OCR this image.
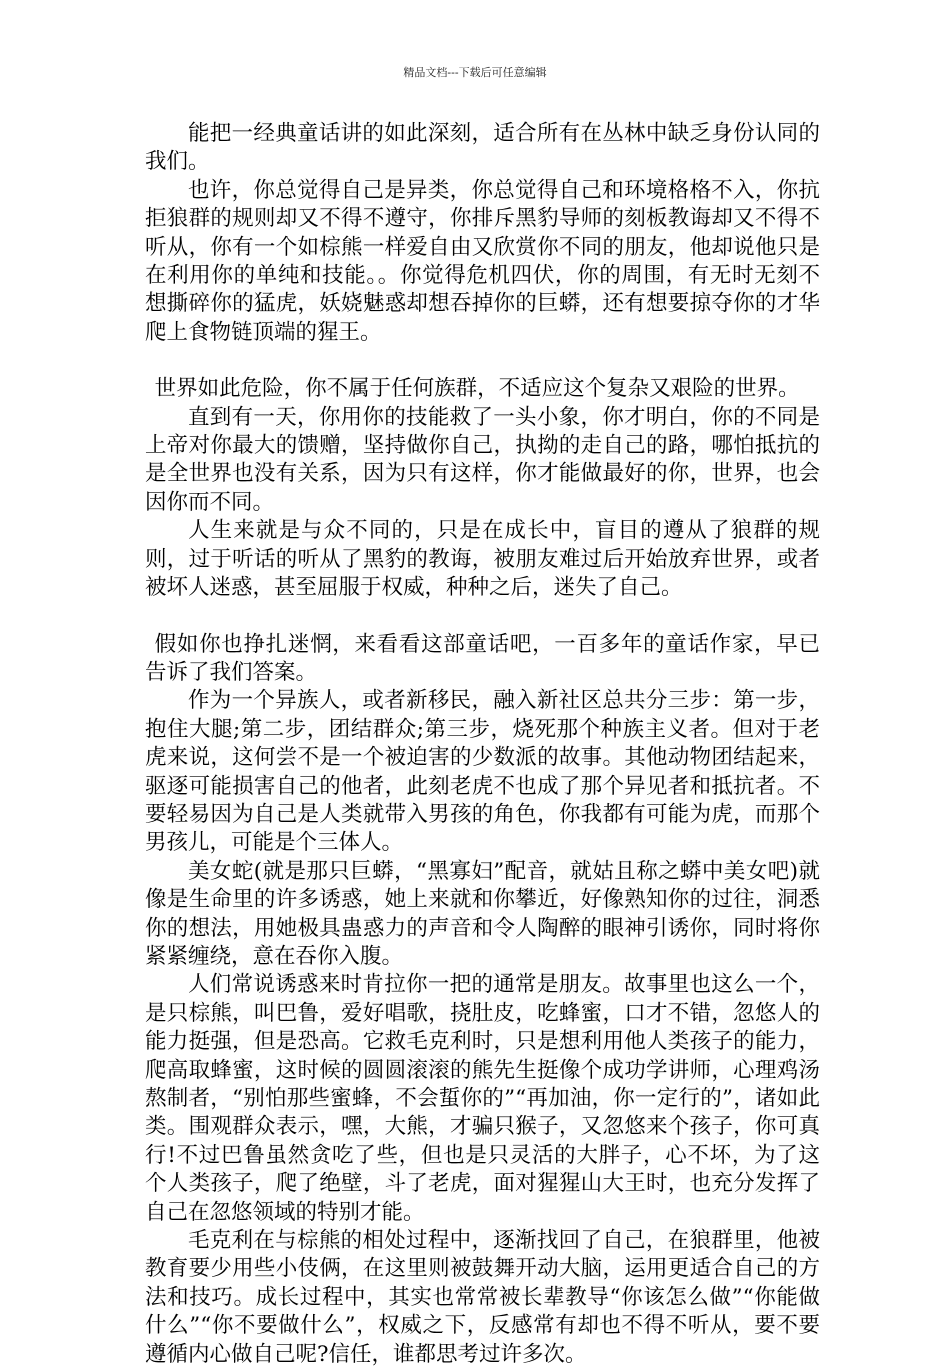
精品文档---下载后可任意编辑

能把一经典童话讲的如此深刻，适合所有在丛林中缺乏身份认同的我们。

也许，你总觉得自己是异类，你总觉得自己和环境格格不入，你抗拒狼群的规则却又不得不遵守，你排斥黑豹导师的刻板教诲却又不得不听从，你有一个如棕熊一样爱自由又欣赏你不同的朋友，他却说他只是在利用你的单纯和技能。。你觉得危机四伏，你的周围，有无时无刻不想撕碎你的猛虎，妖娆魅惑却想吞掉你的巨蟒，还有想要掠夺你的才华爬上食物链顶端的猩王。

世界如此危险，你不属于任何族群，不适应这个复杂又艰险的世界。

直到有一天，你用你的技能救了一头小象，你才明白，你的不同是上帝对你最大的馈赠，坚持做你自己，执拗的走自己的路，哪怕抵抗的是全世界也没有关系，因为只有这样，你才能做最好的你，世界，也会因你而不同。

人生来就是与众不同的，只是在成长中，盲目的遵从了狼群的规则，过于听话的听从了黑豹的教诲，被朋友难过后开始放弃世界，或者被坏人迷惑，甚至屈服于权威，种种之后，迷失了自己。

假如你也挣扎迷惘，来看看这部童话吧，一百多年的童话作家，早已告诉了我们答案。

作为一个异族人，或者新移民，融入新社区总共分三步：第一步，抱住大腿;第二步，团结群众;第三步，烧死那个种族主义者。但对于老虎来说，这何尝不是一个被迫害的少数派的故事。其他动物团结起来，驱逐可能损害自己的他者，此刻老虎不也成了那个异见者和抵抗者。不要轻易因为自己是人类就带入男孩的角色，你我都有可能为虎，而那个男孩儿，可能是个三体人。

美女蛇(就是那只巨蟒，“黑寡妇”配音，就姑且称之蟒中美女吧)就像是生命里的许多诱惑，她上来就和你攀近，好像熟知你的过往，洞悉你的想法，用她极具蛊惑力的声音和令人陶醉的眼神引诱你，同时将你紧紧缠绕，意在吞你入腹。

人们常说诱惑来时肯拉你一把的通常是朋友。故事里也这么一个，是只棕熊，叫巴鲁，爱好唱歌，挠肚皮，吃蜂蜜，口才不错，忽悠人的能力挺强，但是恐高。它救毛克利时，只是想利用他人类孩子的能力，爬高取蜂蜜，这时候的圆圆滚滚的熊先生挺像个成功学讲师，心理鸡汤熬制者，“别怕那些蜜蜂，不会蜇你的”“再加油，你一定行的”，诸如此类。围观群众表示，嘿，大熊，才骗只猴子，又忽悠来个孩子，你可真行!不过巴鲁虽然贪吃了些，但也是只灵活的大胖子，心不坏，为了这个人类孩子，爬了绝壁，斗了老虎，面对猩猩山大王时，也充分发挥了自己在忽悠领域的特别才能。

毛克利在与棕熊的相处过程中，逐渐找回了自己，在狼群里，他被教育要少用些小伎俩，在这里则被鼓舞开动大脑，运用更适合自己的方法和技巧。成长过程中，其实也常常被长辈教导“你该怎么做”“你能做什么”“你不要做什么”，权威之下，反感常有却也不得不听从，要不要遵循内心做自己呢?信任，谁都思考过许多次。
